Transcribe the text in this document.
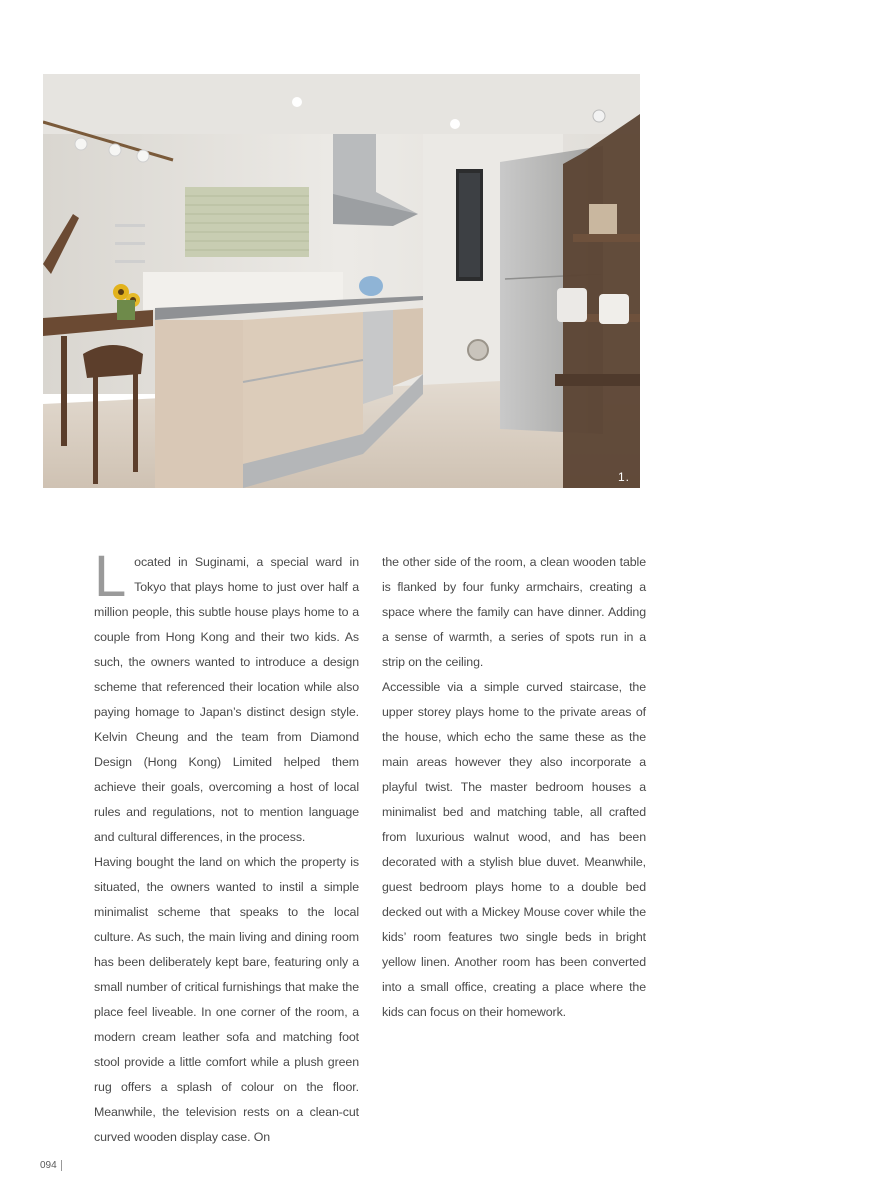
1.

Located in Suginami, a special ward in Tokyo that plays home to just over half a million people, this subtle house plays home to a couple from Hong Kong and their two kids. As such, the owners wanted to introduce a design scheme that referenced their location while also paying homage to Japan’s distinct design style. Kelvin Cheung and the team from Diamond Design (Hong Kong) Limited helped them achieve their goals, overcoming a host of local rules and regulations, not to mention language and cultural differences, in the process.

Having bought the land on which the property is situated, the owners wanted to instil a simple minimalist scheme that speaks to the local culture. As such, the main living and dining room has been deliberately kept bare, featuring only a small number of critical furnishings that make the place feel liveable. In one corner of the room, a modern cream leather sofa and matching foot stool provide a little comfort while a plush green rug offers a splash of colour on the floor. Meanwhile, the television rests on a clean-cut curved wooden display case. On

the other side of the room, a clean wooden table is flanked by four funky armchairs, creating a space where the family can have dinner. Adding a sense of warmth, a series of spots run in a strip on the ceiling.

Accessible via a simple curved staircase, the upper storey plays home to the private areas of the house, which echo the same these as the main areas however they also incorporate a playful twist. The master bedroom houses a minimalist bed and matching table, all crafted from luxurious walnut wood, and has been decorated with a stylish blue duvet. Meanwhile, guest bedroom plays home to a double bed decked out with a Mickey Mouse cover while the kids’ room features two single beds in bright yellow linen. Another room has been converted into a small office, creating a place where the kids can focus on their homework.

094
